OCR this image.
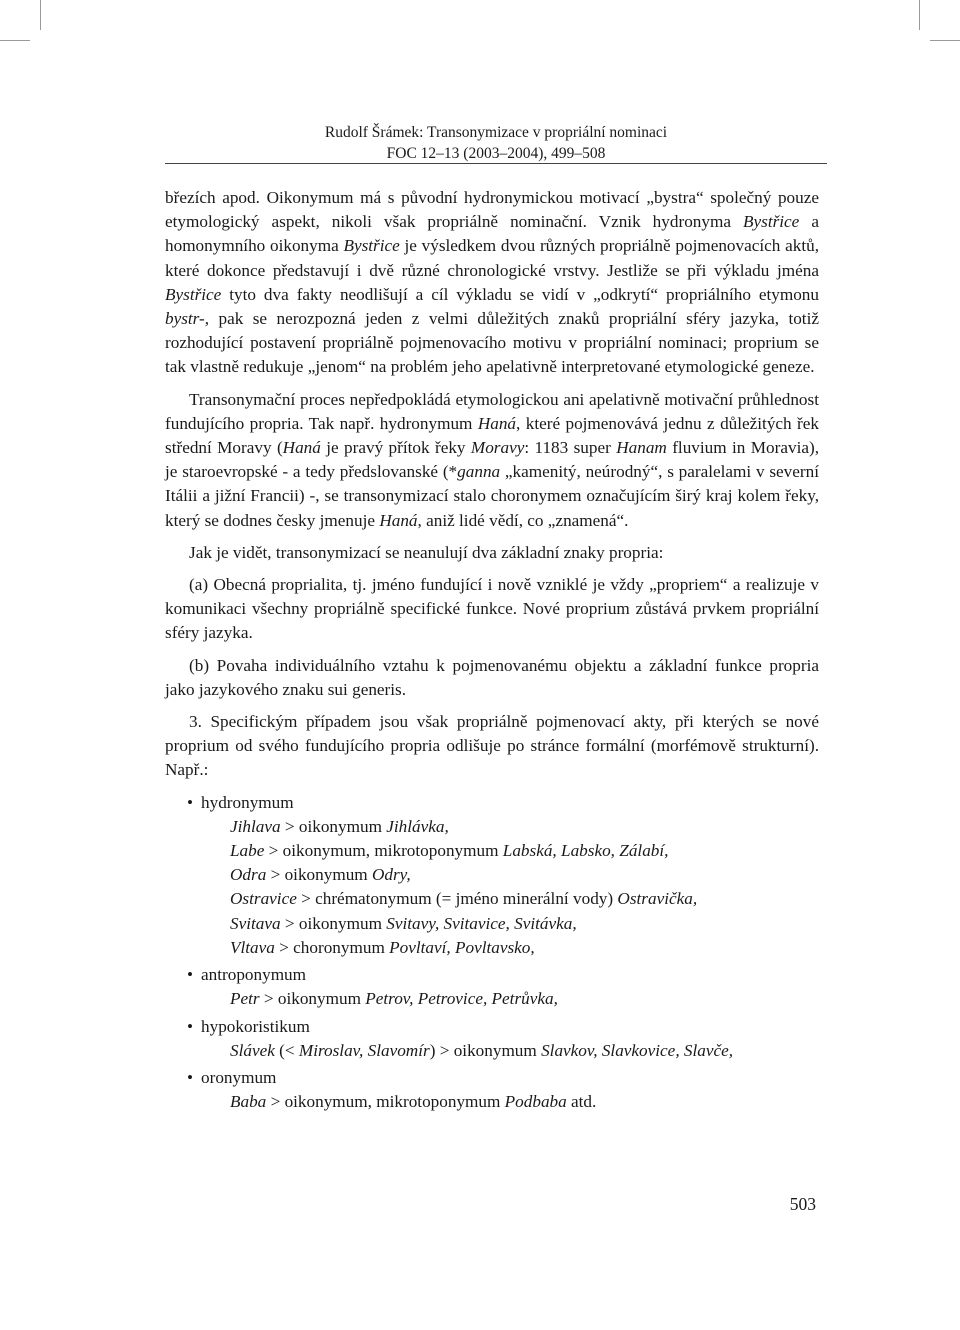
Rudolf Šrámek: Transonymizace v propriální nominaci
FOC 12–13 (2003–2004), 499–508

březích apod. Oikonymum má s původní hydronymickou motivací „bystra“ společný pouze etymologický aspekt, nikoli však propriálně nominační. Vznik hydronyma Bystřice a homonymního oikonyma Bystřice je výsledkem dvou různých propriálně pojmenovacích aktů, které dokonce představují i dvě různé chronologické vrstvy. Jestliže se při výkladu jména Bystřice tyto dva fakty neodlišují a cíl výkladu se vidí v „odkrytí“ propriálního etymonu bystr-, pak se nerozpozná jeden z velmi důležitých znaků propriální sféry jazyka, totiž rozhodující postavení propriálně pojmenovacího motivu v propriální nominaci; proprium se tak vlastně redukuje „jenom“ na problém jeho apelativně interpretované etymologické geneze.

Transonymační proces nepředpokládá etymologickou ani apelativně motivační průhlednost fundujícího propria. Tak např. hydronymum Haná, které pojmenovává jednu z důležitých řek střední Moravy (Haná je pravý přítok řeky Moravy: 1183 super Hanam fluvium in Moravia), je staroevropské - a tedy předslovanské (*ganna „kamenitý, neúrodný“, s paralelami v severní Itálii a jižní Francii) -, se transonymizací stalo choronymem označujícím širý kraj kolem řeky, který se dodnes česky jmenuje Haná, aniž lidé vědí, co „znamená“.

Jak je vidět, transonymizací se neanulují dva základní znaky propria:

(a) Obecná proprialita, tj. jméno fundující i nově vzniklé je vždy „propriem“ a realizuje v komunikaci všechny propriálně specifické funkce. Nové proprium zůstává prvkem propriální sféry jazyka.

(b) Povaha individuálního vztahu k pojmenovanému objektu a základní funkce propria jako jazykového znaku sui generis.

3. Specifickým případem jsou však propriálně pojmenovací akty, při kterých se nové proprium od svého fundujícího propria odlišuje po stránce formální (morfémově strukturní). Např.:

• hydronymum
Jihlava > oikonymum Jihlávka,
Labe > oikonymum, mikrotoponymum Labská, Labsko, Zálabí,
Odra > oikonymum Odry,
Ostravice > chrématonymum (= jméno minerální vody) Ostravička,
Svitava > oikonymum Svitavy, Svitavice, Svitávka,
Vltava > choronymum Povltaví, Povltavsko,
• antroponymum
Petr > oikonymum Petrov, Petrovice, Petrůvka,
• hypokoristikum
Slávek (< Miroslav, Slavomír) > oikonymum Slavkov, Slavkovice, Slavče,
• oronymum
Baba > oikonymum, mikrotoponymum Podbaba atd.
503
